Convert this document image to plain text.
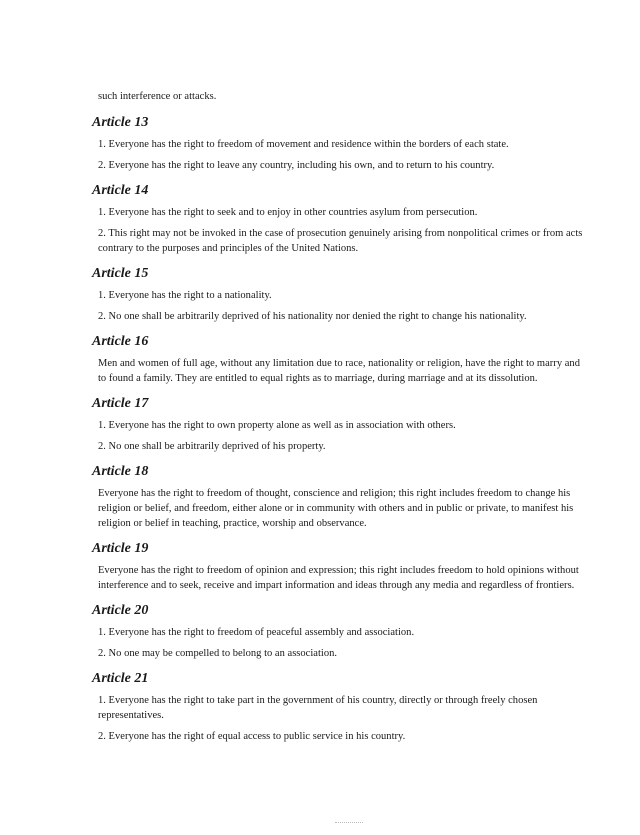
such interference or attacks.

Article 13

1. Everyone has the right to freedom of movement and residence within the borders of each state.

2. Everyone has the right to leave any country, including his own, and to return to his country.

Article 14

1. Everyone has the right to seek and to enjoy in other countries asylum from persecution.

2. This right may not be invoked in the case of prosecution genuinely arising from nonpolitical crimes or from acts contrary to the purposes and principles of the United Nations.

Article 15

1. Everyone has the right to a nationality.

2. No one shall be arbitrarily deprived of his nationality nor denied the right to change his nationality.

Article 16

Men and women of full age, without any limitation due to race, nationality or religion, have the right to marry and to found a family. They are entitled to equal rights as to marriage, during marriage and at its dissolution.

Article 17

1. Everyone has the right to own property alone as well as in association with others.

2. No one shall be arbitrarily deprived of his property.

Article 18

Everyone has the right to freedom of thought, conscience and religion; this right includes freedom to change his religion or belief, and freedom, either alone or in community with others and in public or private, to manifest his religion or belief in teaching, practice, worship and observance.

Article 19

Everyone has the right to freedom of opinion and expression; this right includes freedom to hold opinions without interference and to seek, receive and impart information and ideas through any media and regardless of frontiers.

Article 20

1. Everyone has the right to freedom of peaceful assembly and association.

2. No one may be compelled to belong to an association.

Article 21

1. Everyone has the right to take part in the government of his country, directly or through freely chosen representatives.

2. Everyone has the right of equal access to public service in his country.
